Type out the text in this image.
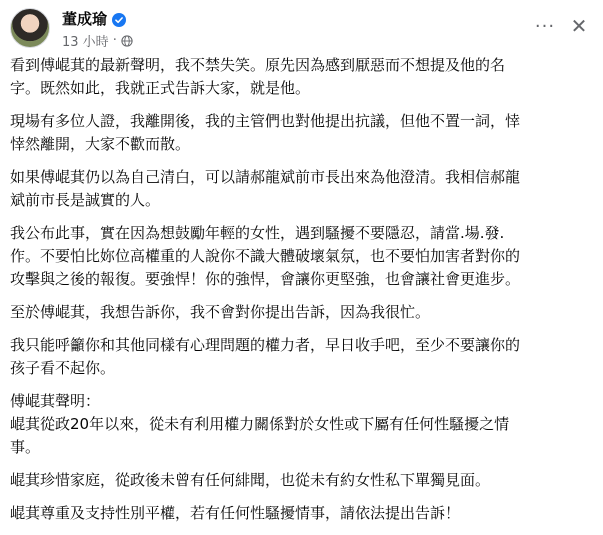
董成瑜
13 小時 ·
··· ✕

看到傅崐萁的最新聲明，我不禁失笑。原先因為感到厭惡而不想提及他的名
字。既然如此，我就正式告訴大家，就是他。

現場有多位人證，我離開後，我的主管們也對他提出抗議，但他不置一詞，悻
悻然離開，大家不歡而散。

如果傅崐萁仍以為自己清白，可以請郝龍斌前市長出來為他澄清。我相信郝龍
斌前市長是誠實的人。

我公布此事，實在因為想鼓勵年輕的女性，遇到騷擾不要隱忍，請當.場.發.
作。不要怕比妳位高權重的人說你不識大體破壞氣氛，也不要怕加害者對你的
攻擊與之後的報復。要強悍！你的強悍，會讓你更堅強，也會讓社會更進步。

至於傅崐萁，我想告訴你，我不會對你提出告訴，因為我很忙。

我只能呼籲你和其他同樣有心理問題的權力者，早日收手吧，至少不要讓你的
孩子看不起你。

傅崐萁聲明：
崐萁從政20年以來，從未有利用權力關係對於女性或下屬有任何性騷擾之情
事。

崐萁珍惜家庭，從政後未曾有任何緋聞，也從未有約女性私下單獨見面。

崐萁尊重及支持性別平權，若有任何性騷擾情事，請依法提出告訴！
